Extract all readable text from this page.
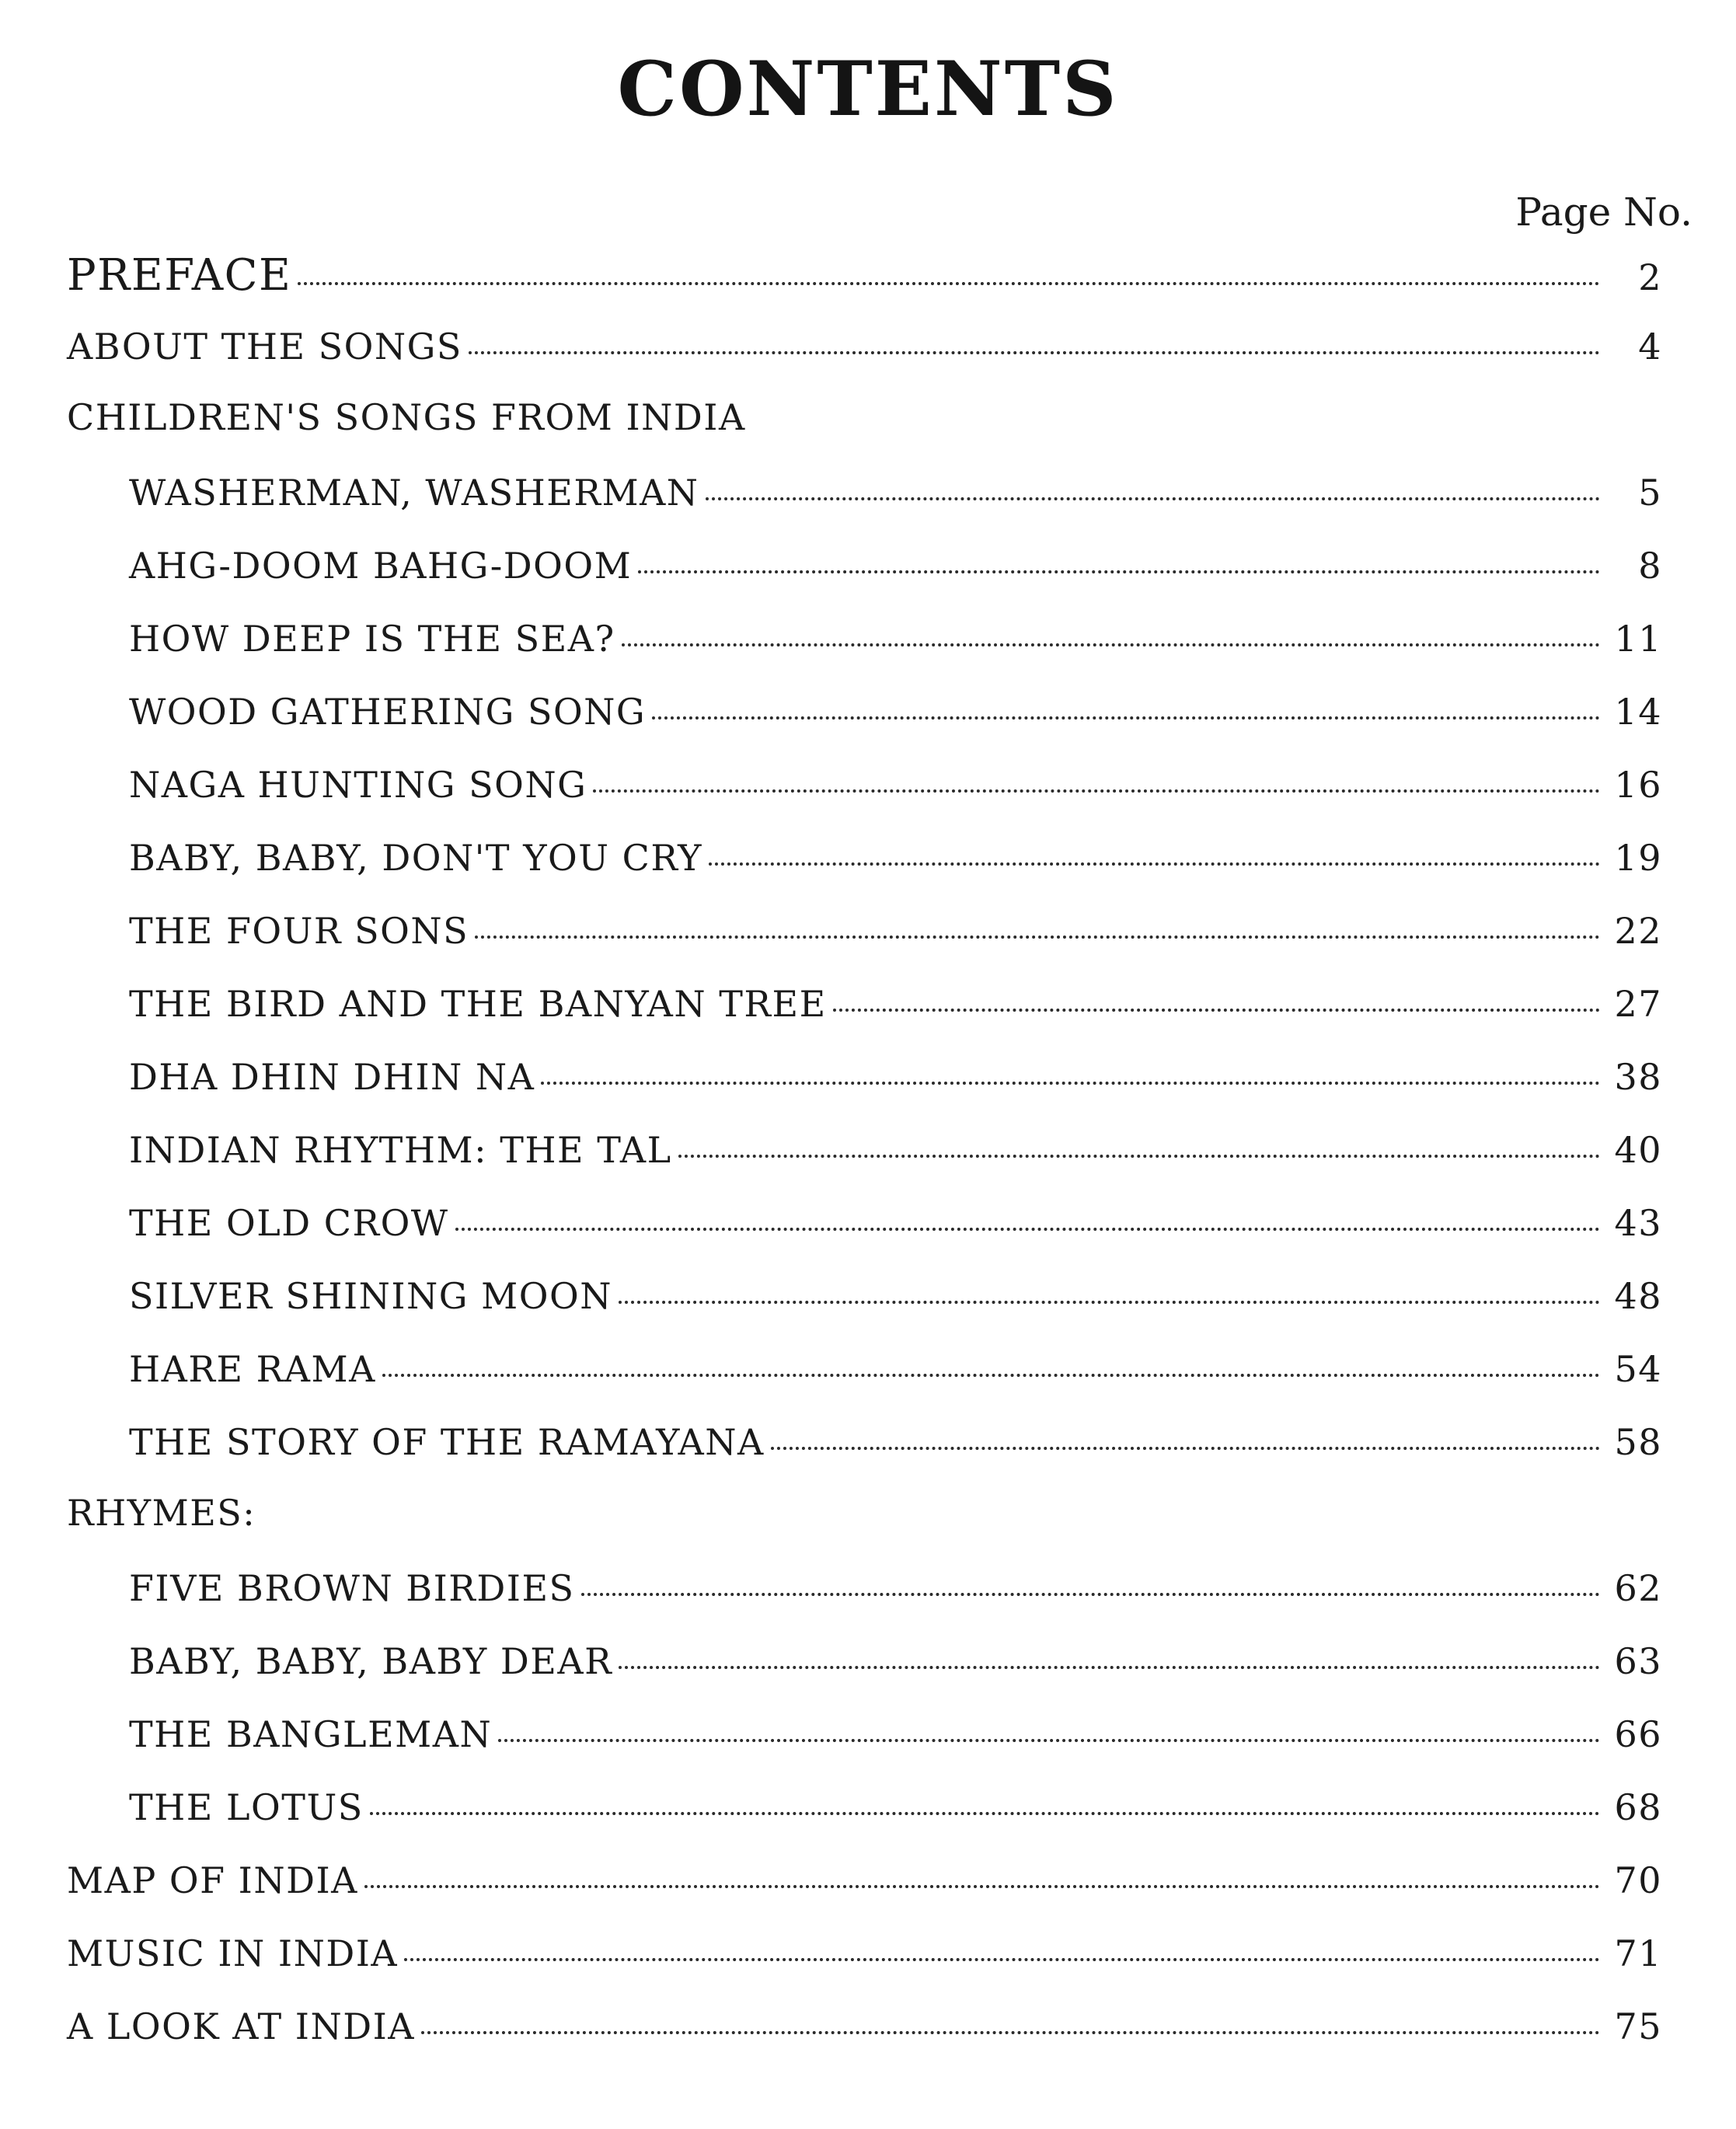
CONTENTS
Page No.
PREFACE	2
ABOUT THE SONGS	4
CHILDREN'S SONGS FROM INDIA
WASHERMAN, WASHERMAN	5
AHG-DOOM BAHG-DOOM	8
HOW DEEP IS THE SEA?	11
WOOD GATHERING SONG	14
NAGA HUNTING SONG	16
BABY, BABY, DON'T YOU CRY	19
THE FOUR SONS	22
THE BIRD AND THE BANYAN TREE	27
DHA DHIN DHIN NA	38
INDIAN RHYTHM: THE TAL	40
THE OLD CROW	43
SILVER SHINING MOON	48
HARE RAMA	54
THE STORY OF THE RAMAYANA	58
RHYMES:
FIVE BROWN BIRDIES	62
BABY, BABY, BABY DEAR	63
THE BANGLEMAN	66
THE LOTUS	68
MAP OF INDIA	70
MUSIC IN INDIA	71
A LOOK AT INDIA	75
